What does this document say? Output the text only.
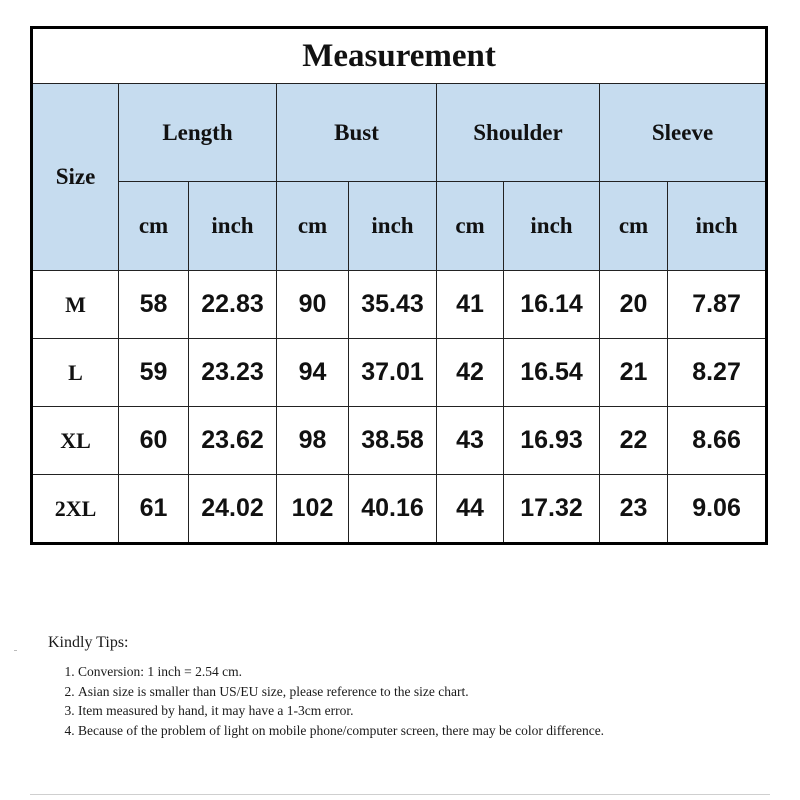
Measurement								
Size	Length		Bust		Shoulder		Sleeve	
	cm	inch	cm	inch	cm	inch	cm	inch
M	58	22.83	90	35.43	41	16.14	20	7.87
L	59	23.23	94	37.01	42	16.54	21	8.27
XL	60	23.62	98	38.58	43	16.93	22	8.66
2XL	61	24.02	102	40.16	44	17.32	23	9.06
Kindly Tips:
1. Conversion: 1 inch = 2.54 cm.
2. Asian size is smaller than US/EU size, please reference to the size chart.
3. Item measured by hand, it may have a 1-3cm error.
4. Because of the problem of light on mobile phone/computer screen, there may be color difference.
